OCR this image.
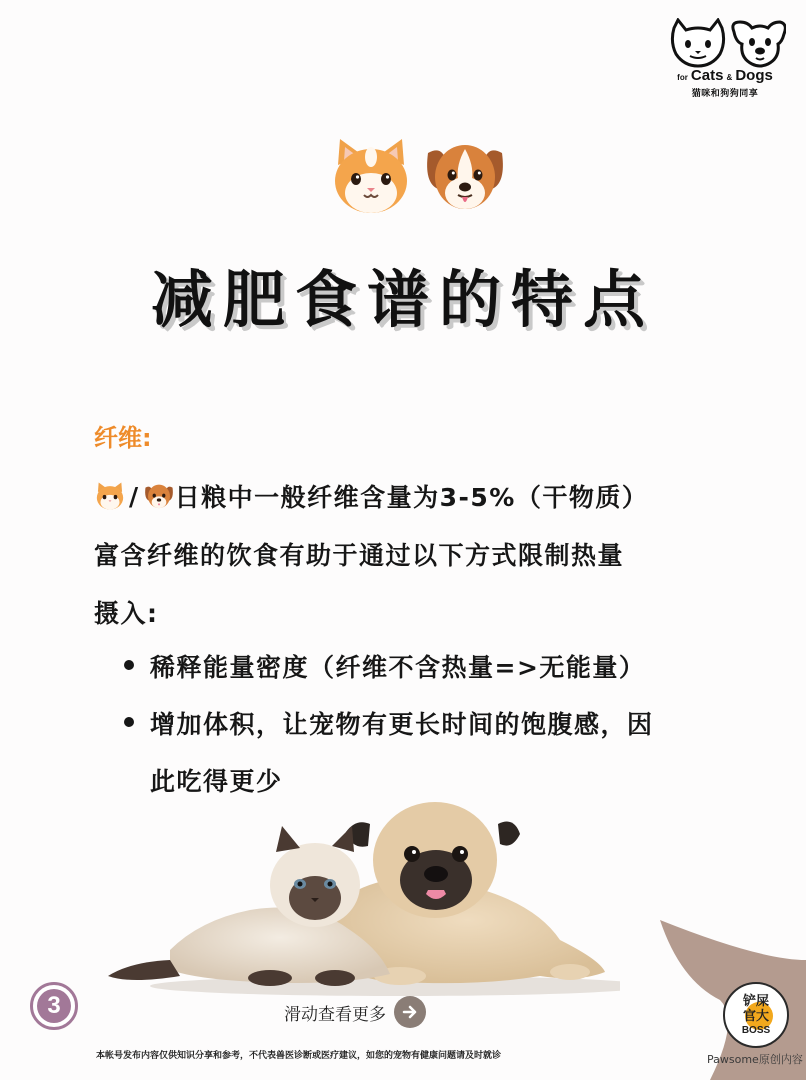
for Cats & Dogs
猫咪和狗狗同享
减肥食谱的特点
纤维:
/ 日粮中一般纤维含量为3-5%（干物质）
富含纤维的饮食有助于通过以下方式限制热量
摄入:
稀释能量密度（纤维不含热量=>无能量）
增加体积，让宠物有更长时间的饱腹感，因
此吃得更少
3	滑动查看更多
铲屎
官大
BOSS
Pawsome原创内容
本帐号发布内容仅供知识分享和参考，不代表兽医诊断或医疗建议，如您的宠物有健康问题请及时就诊
